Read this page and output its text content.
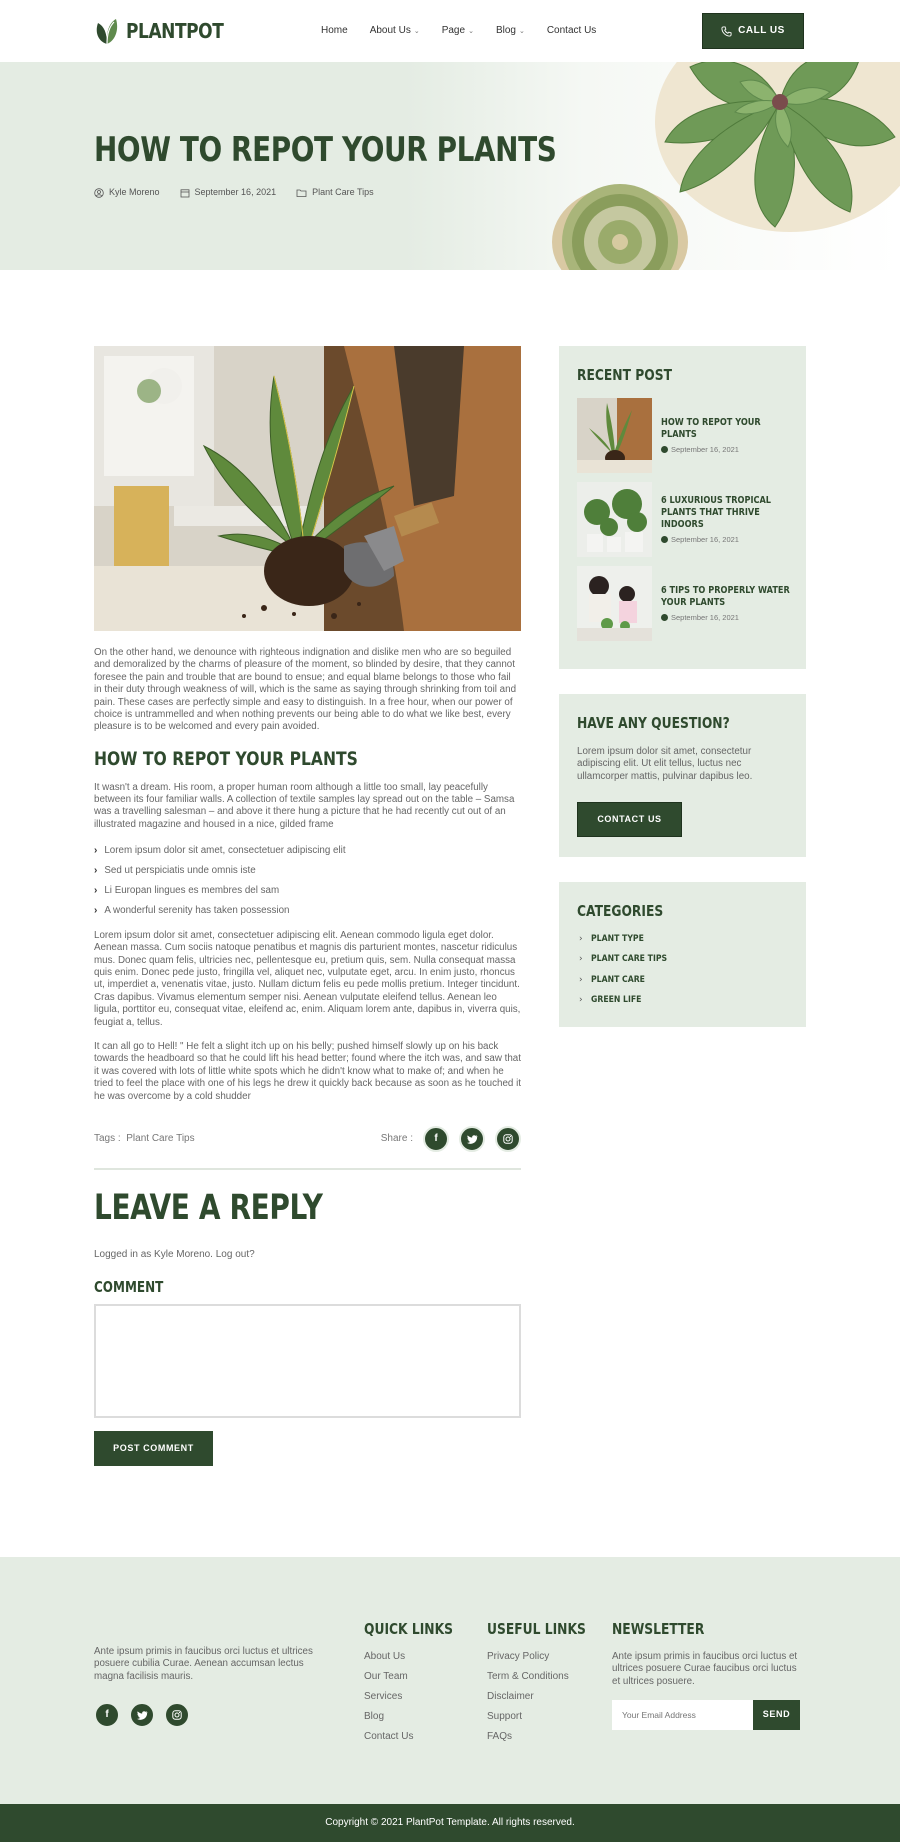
PLANTPOT	Home About Us ⌄ Page ⌄ Blog ⌄ Contact Us	CALL US
HOW TO REPOT YOUR PLANTS
Kyle Moreno	September 16, 2021	Plant Care Tips

On the other hand, we denounce with righteous indignation and dislike men who are so beguiled and demoralized by the charms of pleasure of the moment, so blinded by desire, that they cannot foresee the pain and trouble that are bound to ensue; and equal blame belongs to those who fail in their duty through weakness of will, which is the same as saying through shrinking from toil and pain. These cases are perfectly simple and easy to distinguish. In a free hour, when our power of choice is untrammelled and when nothing prevents our being able to do what we like best, every pleasure is to be welcomed and every pain avoided.

HOW TO REPOT YOUR PLANTS

It wasn't a dream. His room, a proper human room although a little too small, lay peacefully between its four familiar walls. A collection of textile samples lay spread out on the table – Samsa was a travelling salesman – and above it there hung a picture that he had recently cut out of an illustrated magazine and housed in a nice, gilded frame

› Lorem ipsum dolor sit amet, consectetuer adipiscing elit
› Sed ut perspiciatis unde omnis iste
› Li Europan lingues es membres del sam
› A wonderful serenity has taken possession

Lorem ipsum dolor sit amet, consectetuer adipiscing elit. Aenean commodo ligula eget dolor. Aenean massa. Cum sociis natoque penatibus et magnis dis parturient montes, nascetur ridiculus mus. Donec quam felis, ultricies nec, pellentesque eu, pretium quis, sem. Nulla consequat massa quis enim. Donec pede justo, fringilla vel, aliquet nec, vulputate eget, arcu. In enim justo, rhoncus ut, imperdiet a, venenatis vitae, justo. Nullam dictum felis eu pede mollis pretium. Integer tincidunt. Cras dapibus. Vivamus elementum semper nisi. Aenean vulputate eleifend tellus. Aenean leo ligula, porttitor eu, consequat vitae, eleifend ac, enim. Aliquam lorem ante, dapibus in, viverra quis, feugiat a, tellus.

It can all go to Hell! " He felt a slight itch up on his belly; pushed himself slowly up on his back towards the headboard so that he could lift his head better; found where the itch was, and saw that it was covered with lots of little white spots which he didn't know what to make of; and when he tried to feel the place with one of his legs he drew it quickly back because as soon as he touched it he was overcome by a cold shudder

Tags : Plant Care Tips	Share :	f
LEAVE A REPLY
Logged in as Kyle Moreno. Log out?
COMMENT
POST COMMENT
RECENT POST
HOW TO REPOT YOUR PLANTS
September 16, 2021
6 LUXURIOUS TROPICAL PLANTS THAT THRIVE INDOORS
September 16, 2021
6 TIPS TO PROPERLY WATER YOUR PLANTS
September 16, 2021
HAVE ANY QUESTION?
Lorem ipsum dolor sit amet, consectetur adipiscing elit. Ut elit tellus, luctus nec ullamcorper mattis, pulvinar dapibus leo.
CONTACT US
CATEGORIES
› PLANT TYPE
› PLANT CARE TIPS
› PLANT CARE
› GREEN LIFE
Ante ipsum primis in faucibus orci luctus et ultrices posuere cubilia Curae. Aenean accumsan lectus magna facilisis mauris.
f
QUICK LINKS
About Us
Our Team
Services
Blog
Contact Us
USEFUL LINKS
Privacy Policy
Term & Conditions
Disclaimer
Support
FAQs
NEWSLETTER
Ante ipsum primis in faucibus orci luctus et ultrices posuere Curae faucibus orci luctus et ultrices posuere.
Your Email Address
SEND
Copyright © 2021 PlantPot Template. All rights reserved.
